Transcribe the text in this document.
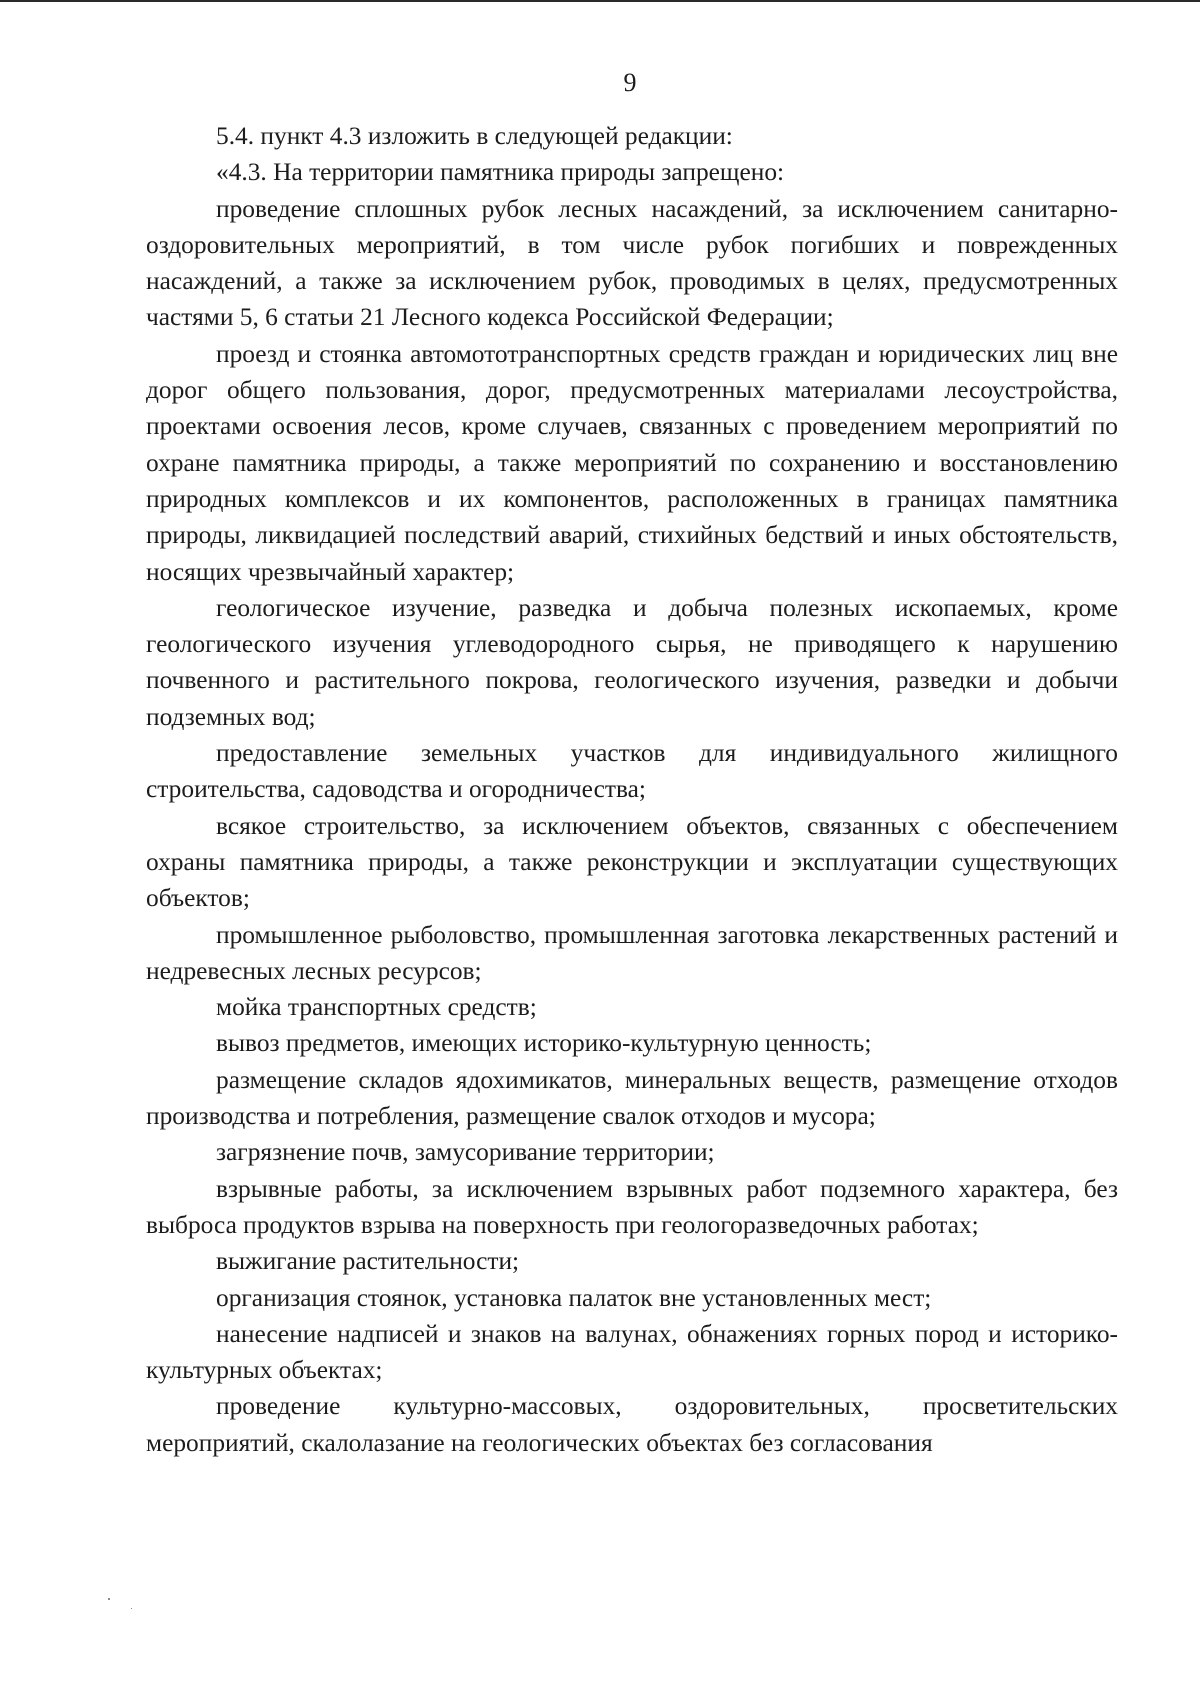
9

5.4. пункт 4.3 изложить в следующей редакции:

«4.3. На территории памятника природы запрещено:

проведение сплошных рубок лесных насаждений, за исключением санитарно-оздоровительных мероприятий, в том числе рубок погибших и поврежденных насаждений, а также за исключением рубок, проводимых в целях, предусмотренных частями 5, 6 статьи 21 Лесного кодекса Российской Федерации;

проезд и стоянка автомототранспортных средств граждан и юридических лиц вне дорог общего пользования, дорог, предусмотренных материалами лесоустройства, проектами освоения лесов, кроме случаев, связанных с проведением мероприятий по охране памятника природы, а также мероприятий по сохранению и восстановлению природных комплексов и их компонентов, расположенных в границах памятника природы, ликвидацией последствий аварий, стихийных бедствий и иных обстоятельств, носящих чрезвычайный характер;

геологическое изучение, разведка и добыча полезных ископаемых, кроме геологического изучения углеводородного сырья, не приводящего к нарушению почвенного и растительного покрова, геологического изучения, разведки и добычи подземных вод;

предоставление земельных участков для индивидуального жилищного строительства, садоводства и огородничества;

всякое строительство, за исключением объектов, связанных с обеспечением охраны памятника природы, а также реконструкции и эксплуатации существующих объектов;

промышленное рыболовство, промышленная заготовка лекарственных растений и недревесных лесных ресурсов;

мойка транспортных средств;

вывоз предметов, имеющих историко-культурную ценность;

размещение складов ядохимикатов, минеральных веществ, размещение отходов производства и потребления, размещение свалок отходов и мусора;

загрязнение почв, замусоривание территории;

взрывные работы, за исключением взрывных работ подземного характера, без выброса продуктов взрыва на поверхность при геологоразведочных работах;

выжигание растительности;

организация стоянок, установка палаток вне установленных мест;

нанесение надписей и знаков на валунах, обнажениях горных пород и историко-культурных объектах;

проведение культурно-массовых, оздоровительных, просветительских мероприятий, скалолазание на геологических объектах без согласования
